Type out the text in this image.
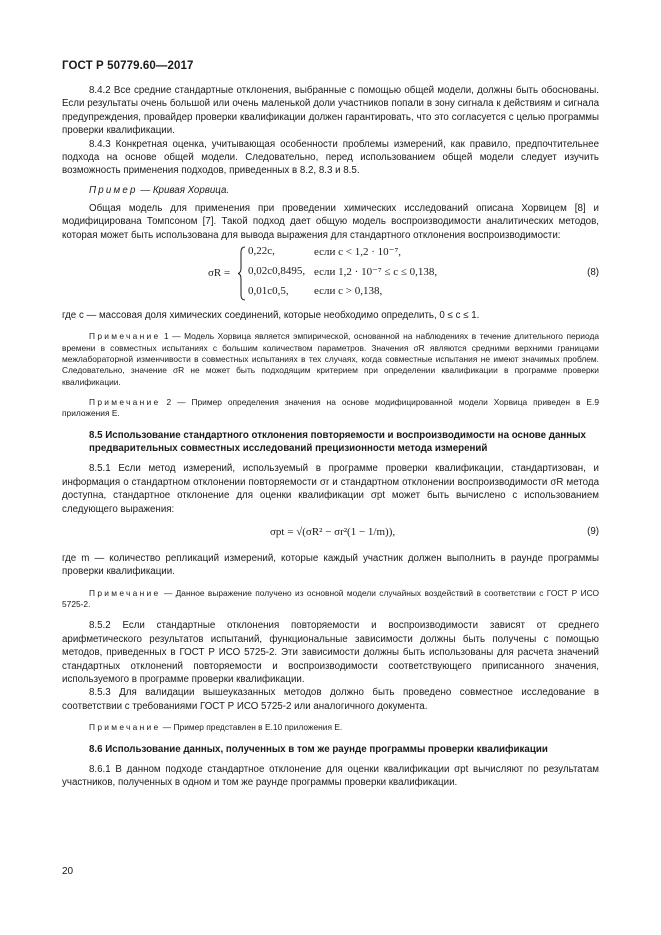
ГОСТ Р 50779.60—2017

8.4.2 Все средние стандартные отклонения, выбранные с помощью общей модели, должны быть обоснованы. Если результаты очень большой или очень маленькой доли участников попали в зону сигнала к действиям и сигнала предупреждения, провайдер проверки квалификации должен гарантировать, что это согласуется с целью программы проверки квалификации.

8.4.3 Конкретная оценка, учитывающая особенности проблемы измерений, как правило, предпочтительнее подхода на основе общей модели. Следовательно, перед использованием общей модели следует изучить возможность применения подходов, приведенных в 8.2, 8.3 и 8.5.

Пример — Кривая Хорвица.

Общая модель для применения при проведении химических исследований описана Хорвицем [8] и модифицирована Томпсоном [7]. Такой подход дает общую модель воспроизводимости аналитических методов, которая может быть использована для вывода выражения для стандартного отклонения воспроизводимости:

σR =
0,22c,	если c < 1,2 · 10⁻⁷,
0,02c0,8495, если 1,2 · 10⁻⁷ ≤ c ≤ 0,138,
0,01c0,5, если c > 0,138,
(8)

где c — массовая доля химических соединений, которые необходимо определить, 0 ≤ c ≤ 1.

Примечание 1 — Модель Хорвица является эмпирической, основанной на наблюдениях в течение длительного периода времени в совместных испытаниях с большим количеством параметров. Значения σR являются средними верхними границами межлабораторной изменчивости в совместных испытаниях в тех случаях, когда совместные испытания не имеют значимых проблем. Следовательно, значение σR не может быть подходящим критерием при определении квалификации в программе проверки квалификации.

Примечание 2 — Пример определения значения на основе модифицированной модели Хорвица приведен в Е.9 приложения Е.

8.5 Использование стандартного отклонения повторяемости и воспроизводимости на основе данных предварительных совместных исследований прецизионности метода измерений

8.5.1 Если метод измерений, используемый в программе проверки квалификации, стандартизован, и информация о стандартном отклонении повторяемости σr и стандартном отклонении воспроизводимости σR метода доступна, стандартное отклонение для оценки квалификации σpt может быть вычислено с использованием следующего выражения:

σpt = √(σR² − σr²(1 − 1/m)),	(9)

где m — количество репликаций измерений, которые каждый участник должен выполнить в раунде программы проверки квалификации.

Примечание — Данное выражение получено из основной модели случайных воздействий в соответствии с ГОСТ Р ИСО 5725-2.

8.5.2 Если стандартные отклонения повторяемости и воспроизводимости зависят от среднего арифметического результатов испытаний, функциональные зависимости должны быть получены с помощью методов, приведенных в ГОСТ Р ИСО 5725-2. Эти зависимости должны быть использованы для расчета значений стандартных отклонений повторяемости и воспроизводимости соответствующего приписанного значения, используемого в программе проверки квалификации.

8.5.3 Для валидации вышеуказанных методов должно быть проведено совместное исследование в соответствии с требованиями ГОСТ Р ИСО 5725-2 или аналогичного документа.

Примечание — Пример представлен в Е.10 приложения Е.

8.6 Использование данных, полученных в том же раунде программы проверки квалификации

8.6.1 В данном подходе стандартное отклонение для оценки квалификации σpt вычисляют по результатам участников, полученных в одном и том же раунде программы проверки квалификации.

20
